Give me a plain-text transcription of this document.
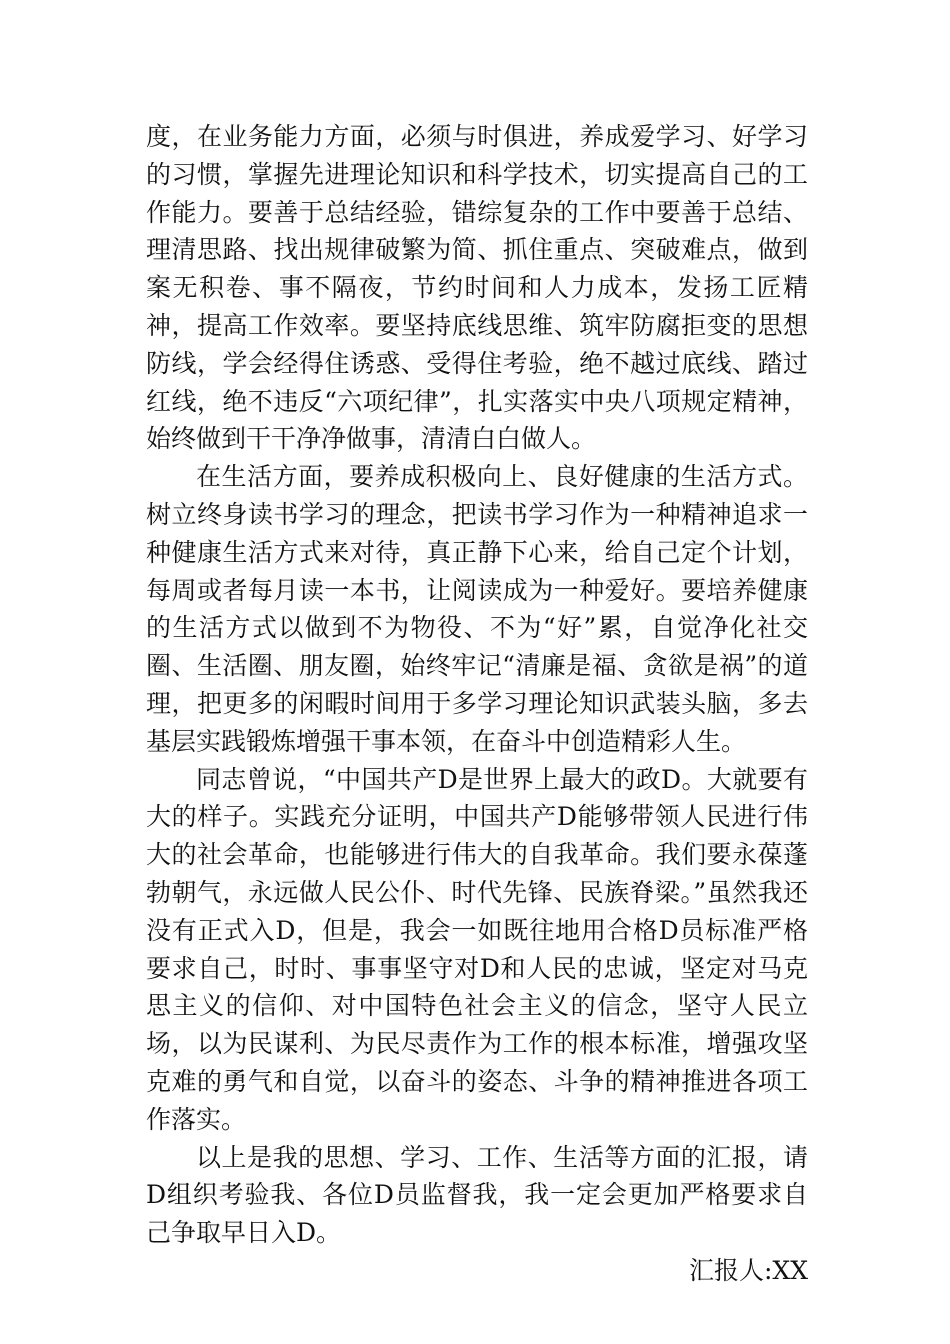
度，在业务能力方面，必须与时俱进，养成爱学习、好学习的习惯，掌握先进理论知识和科学技术，切实提高自己的工作能力。要善于总结经验，错综复杂的工作中要善于总结、理清思路、找出规律破繁为简、抓住重点、突破难点，做到案无积卷、事不隔夜，节约时间和人力成本，发扬工匠精神，提高工作效率。要坚持底线思维、筑牢防腐拒变的思想防线，学会经得住诱惑、受得住考验，绝不越过底线、踏过红线，绝不违反“六项纪律”，扎实落实中央八项规定精神，始终做到干干净净做事，清清白白做人。

在生活方面，要养成积极向上、良好健康的生活方式。树立终身读书学习的理念，把读书学习作为一种精神追求一种健康生活方式来对待，真正静下心来，给自己定个计划，每周或者每月读一本书，让阅读成为一种爱好。要培养健康的生活方式以做到不为物役、不为“好”累，自觉净化社交圈、生活圈、朋友圈，始终牢记“清廉是福、贪欲是祸”的道理，把更多的闲暇时间用于多学习理论知识武装头脑，多去基层实践锻炼增强干事本领，在奋斗中创造精彩人生。

同志曾说，“中国共产D是世界上最大的政D。大就要有大的样子。实践充分证明，中国共产D能够带领人民进行伟大的社会革命，也能够进行伟大的自我革命。我们要永葆蓬勃朝气，永远做人民公仆、时代先锋、民族脊梁。”虽然我还没有正式入D，但是，我会一如既往地用合格D员标准严格要求自己，时时、事事坚守对D和人民的忠诚，坚定对马克思主义的信仰、对中国特色社会主义的信念，坚守人民立场，以为民谋利、为民尽责作为工作的根本标准，增强攻坚克难的勇气和自觉，以奋斗的姿态、斗争的精神推进各项工作落实。

以上是我的思想、学习、工作、生活等方面的汇报，请D组织考验我、各位D员监督我，我一定会更加严格要求自己争取早日入D。

汇报人:XX
